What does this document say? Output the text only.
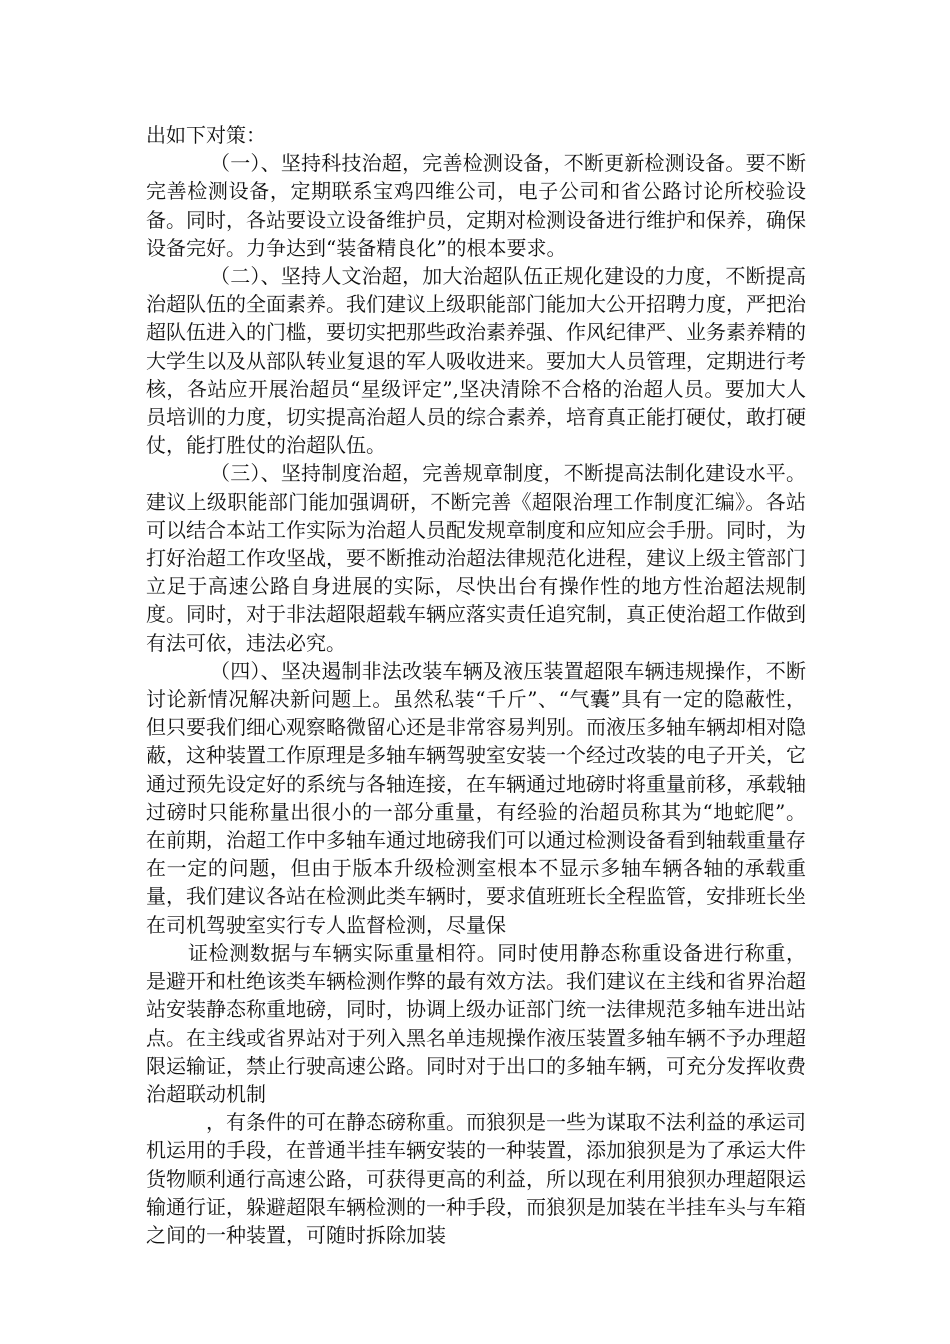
出如下对策：

（一）、坚持科技治超，完善检测设备，不断更新检测设备。要不断完善检测设备，定期联系宝鸡四维公司，电子公司和省公路讨论所校验设备。同时，各站要设立设备维护员，定期对检测设备进行维护和保养，确保设备完好。力争达到“装备精良化”的根本要求。

（二）、坚持人文治超，加大治超队伍正规化建设的力度，不断提高治超队伍的全面素养。我们建议上级职能部门能加大公开招聘力度，严把治超队伍进入的门槛，要切实把那些政治素养强、作风纪律严、业务素养精的大学生以及从部队转业复退的军人吸收进来。要加大人员管理，定期进行考核，各站应开展治超员“星级评定”,坚决清除不合格的治超人员。要加大人员培训的力度，切实提高治超人员的综合素养，培育真正能打硬仗，敢打硬仗，能打胜仗的治超队伍。

（三）、坚持制度治超，完善规章制度，不断提高法制化建设水平。建议上级职能部门能加强调研，不断完善《超限治理工作制度汇编》。各站可以结合本站工作实际为治超人员配发规章制度和应知应会手册。同时，为打好治超工作攻坚战，要不断推动治超法律规范化进程，建议上级主管部门立足于高速公路自身进展的实际，尽快出台有操作性的地方性治超法规制度。同时，对于非法超限超载车辆应落实责任追究制，真正使治超工作做到有法可依，违法必究。

（四）、坚决遏制非法改装车辆及液压装置超限车辆违规操作，不断讨论新情况解决新问题上。虽然私装“千斤”、“气囊”具有一定的隐蔽性，但只要我们细心观察略微留心还是非常容易判别。而液压多轴车辆却相对隐蔽，这种装置工作原理是多轴车辆驾驶室安装一个经过改装的电子开关，它通过预先设定好的系统与各轴连接，在车辆通过地磅时将重量前移，承载轴过磅时只能称量出很小的一部分重量，有经验的治超员称其为“地蛇爬”。在前期，治超工作中多轴车通过地磅我们可以通过检测设备看到轴载重量存在一定的问题，但由于版本升级检测室根本不显示多轴车辆各轴的承载重量，我们建议各站在检测此类车辆时，要求值班班长全程监管，安排班长坐在司机驾驶室实行专人监督检测，尽量保

证检测数据与车辆实际重量相符。同时使用静态称重设备进行称重，是避开和杜绝该类车辆检测作弊的最有效方法。我们建议在主线和省界治超站安装静态称重地磅，同时，协调上级办证部门统一法律规范多轴车进出站点。在主线或省界站对于列入黑名单违规操作液压装置多轴车辆不予办理超限运输证，禁止行驶高速公路。同时对于出口的多轴车辆，可充分发挥收费治超联动机制

，有条件的可在静态磅称重。而狼狈是一些为谋取不法利益的承运司机运用的手段，在普通半挂车辆安装的一种装置，添加狼狈是为了承运大件货物顺利通行高速公路，可获得更高的利益，所以现在利用狼狈办理超限运输通行证，躲避超限车辆检测的一种手段，而狼狈是加装在半挂车头与车箱之间的一种装置，可随时拆除加装
